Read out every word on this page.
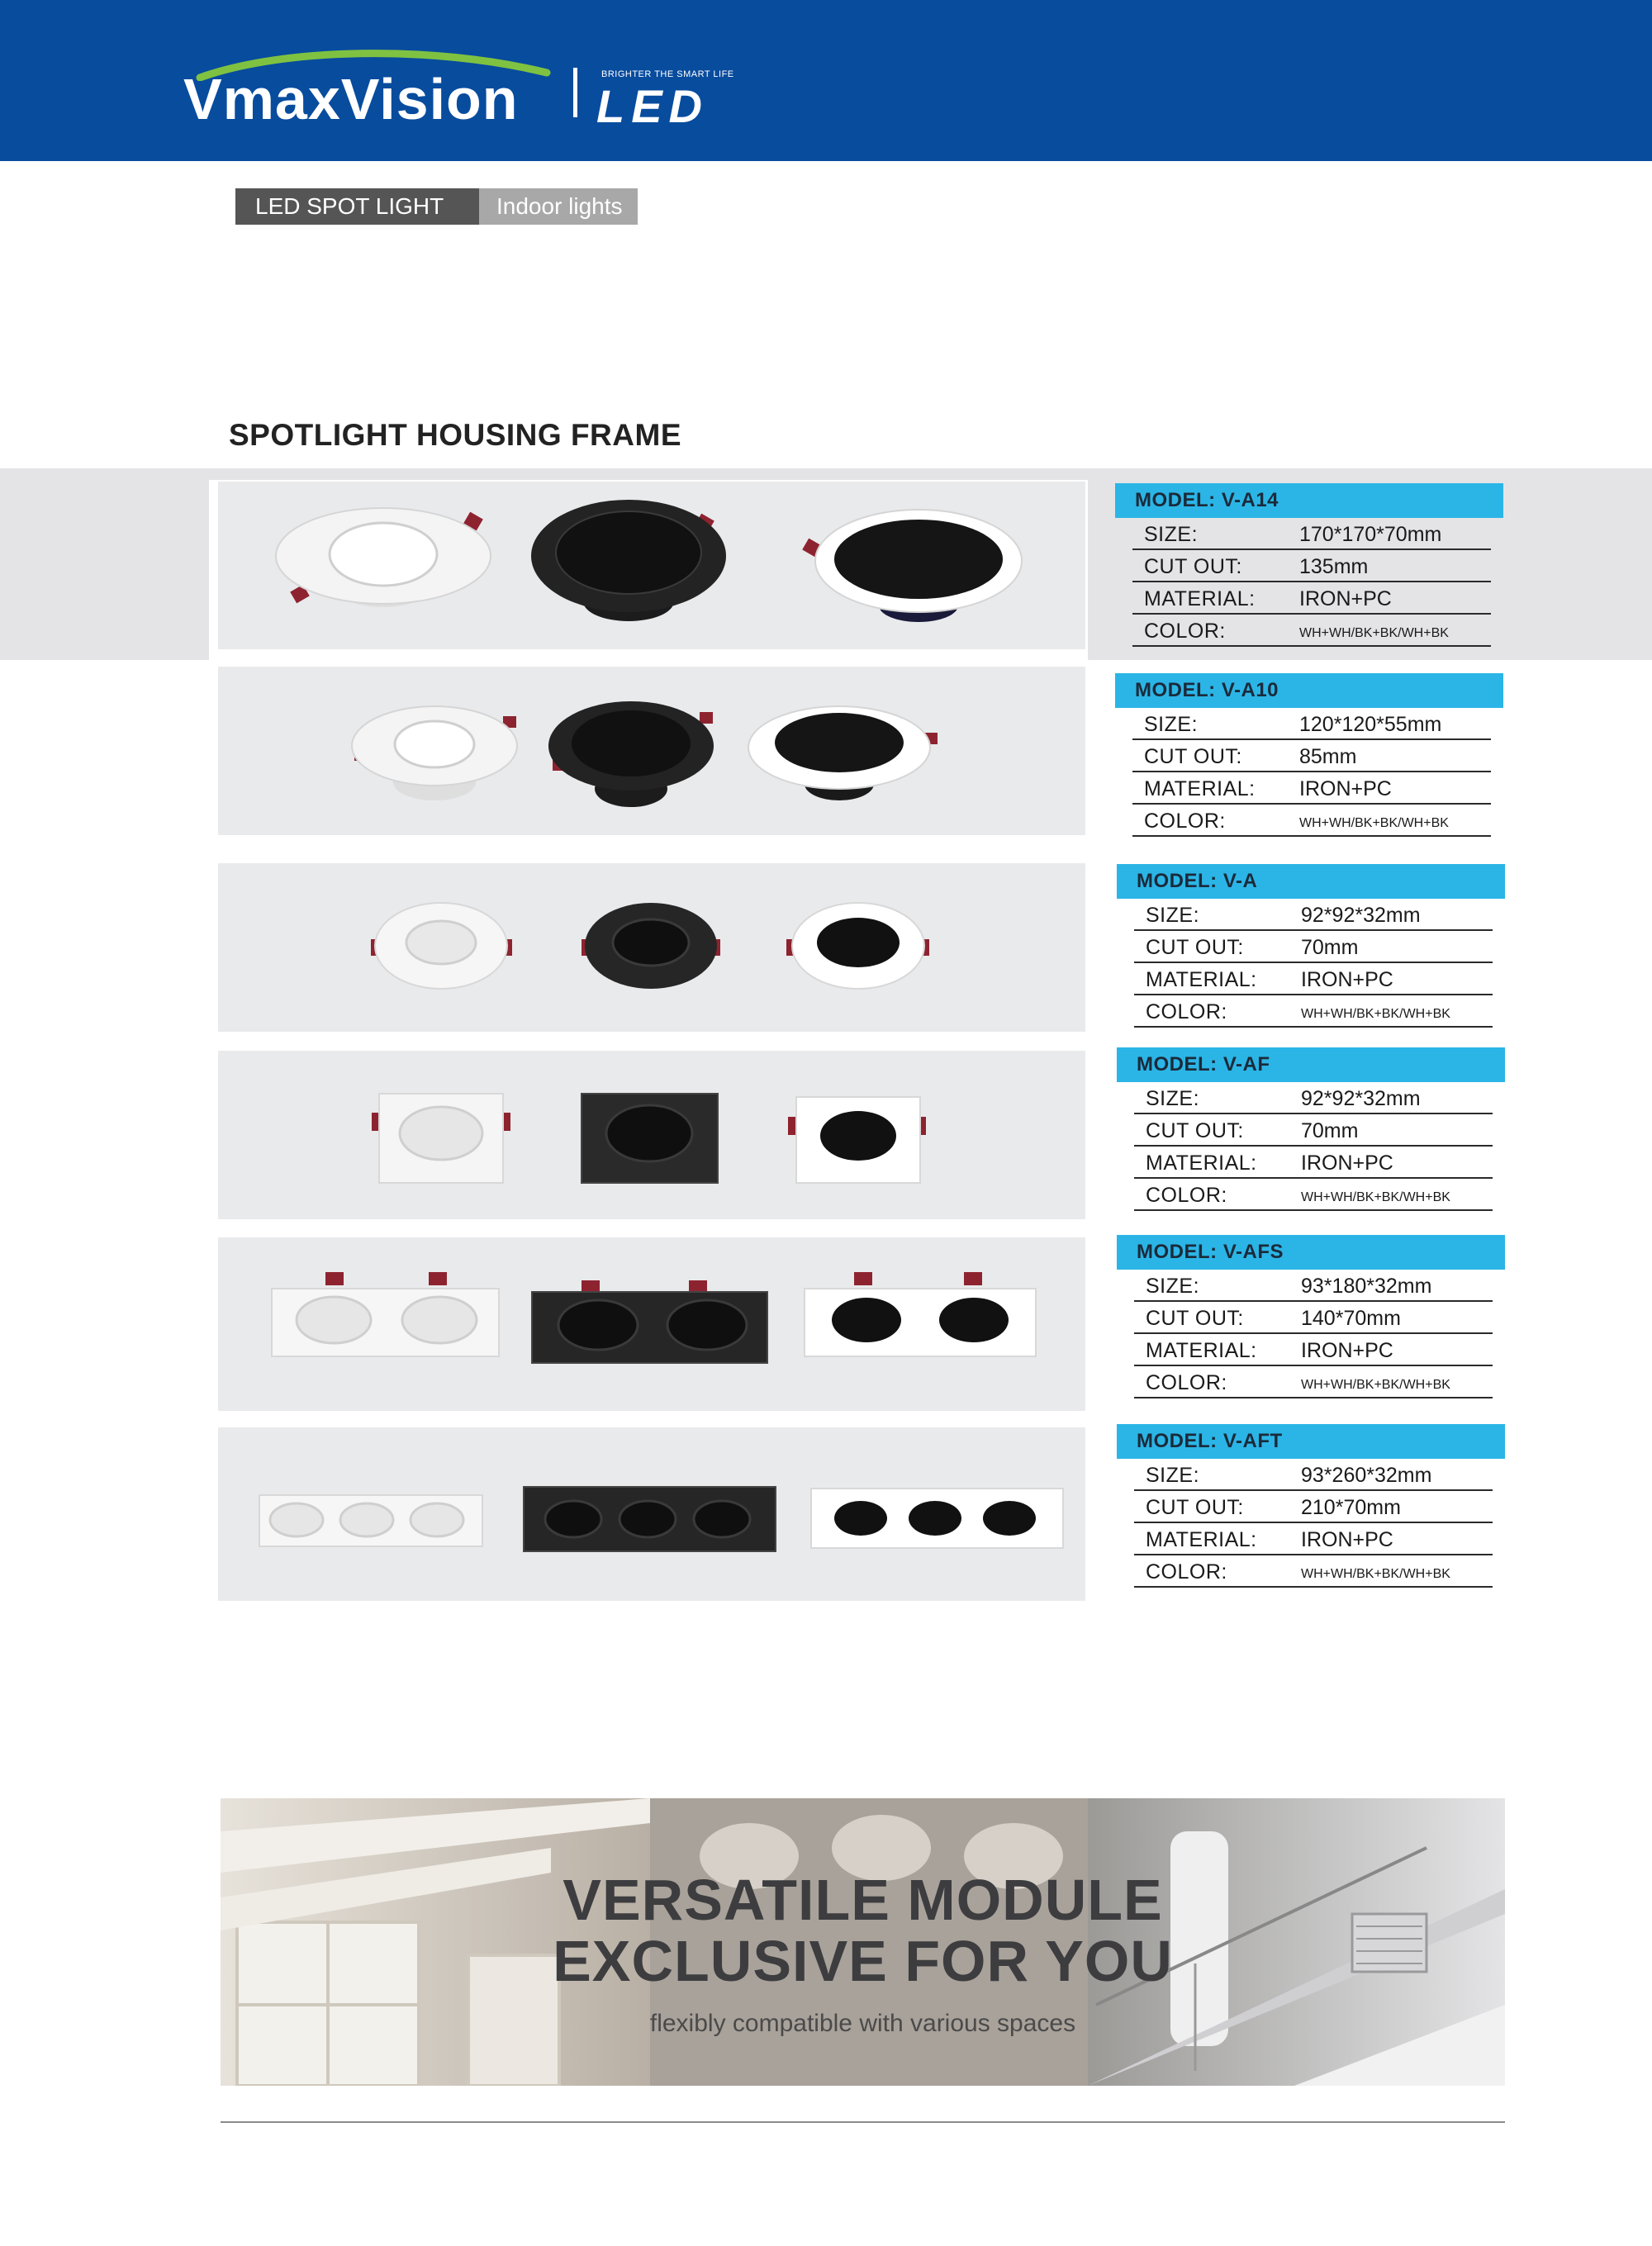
VmaxVision	BRIGHTER THE SMART LIFE
LED
LED SPOT LIGHT	Indoor lights
SPOTLIGHT HOUSING FRAME
MODEL: V-A14
SIZE:	170*170*70mm
CUT OUT:	135mm
MATERIAL: IRON+PC
COLOR:	WH+WH/BK+BK/WH+BK
MODEL: V-A10
SIZE:	120*120*55mm
CUT OUT:	85mm
MATERIAL: IRON+PC
COLOR:	WH+WH/BK+BK/WH+BK
MODEL: V-A
SIZE:	92*92*32mm
CUT OUT:	70mm
MATERIAL: IRON+PC
COLOR:	WH+WH/BK+BK/WH+BK
MODEL: V-AF
SIZE:	92*92*32mm
CUT OUT:	70mm
MATERIAL: IRON+PC
COLOR:	WH+WH/BK+BK/WH+BK
MODEL: V-AFS
SIZE:	93*180*32mm
CUT OUT:	140*70mm
MATERIAL: IRON+PC
COLOR:	WH+WH/BK+BK/WH+BK
MODEL: V-AFT
SIZE:	93*260*32mm
CUT OUT:	210*70mm
MATERIAL: IRON+PC
COLOR:	WH+WH/BK+BK/WH+BK
VERSATILE MODULE
EXCLUSIVE FOR YOU
flexibly compatible with various spaces
